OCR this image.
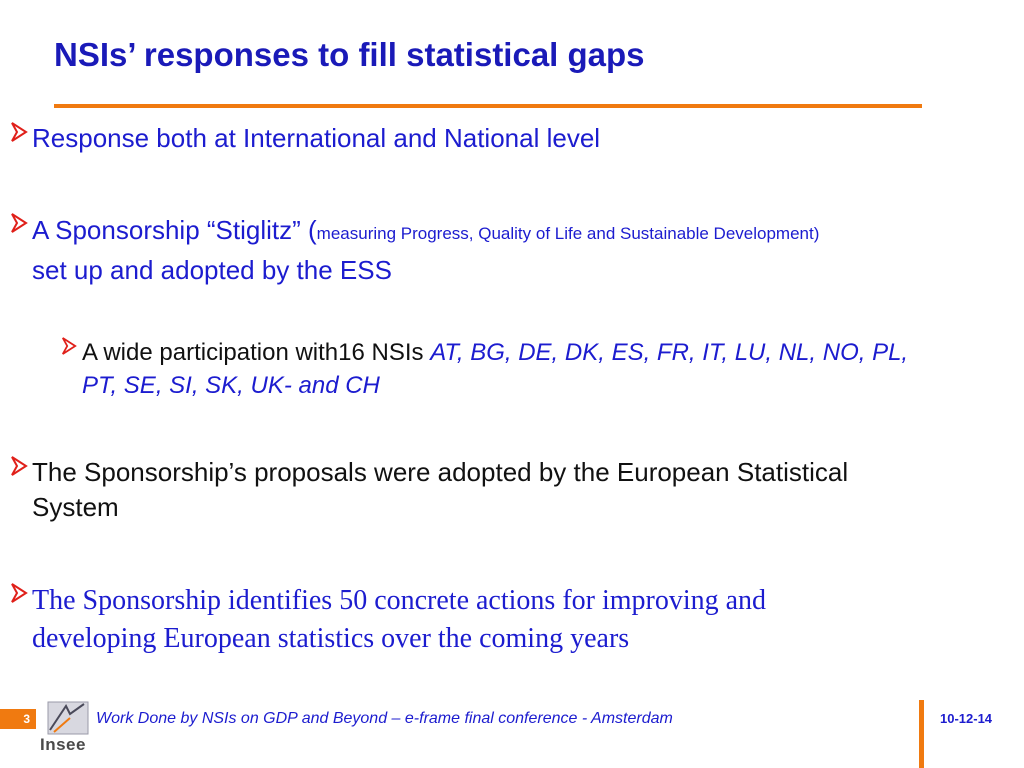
NSIs’ responses to fill statistical gaps
Response both at International and National level
A Sponsorship “Stiglitz” (measuring Progress, Quality of Life and Sustainable Development) set up and adopted by the ESS
A wide participation with16 NSIs AT, BG, DE, DK, ES, FR, IT, LU, NL, NO, PL, PT, SE, SI, SK, UK- and CH
The Sponsorship’s proposals were adopted by the European Statistical System
The Sponsorship identifies 50 concrete actions for improving and developing European statistics over the coming years
3
Insee
Work Done by NSIs on GDP and Beyond – e-frame final conference - Amsterdam	10-12-14
